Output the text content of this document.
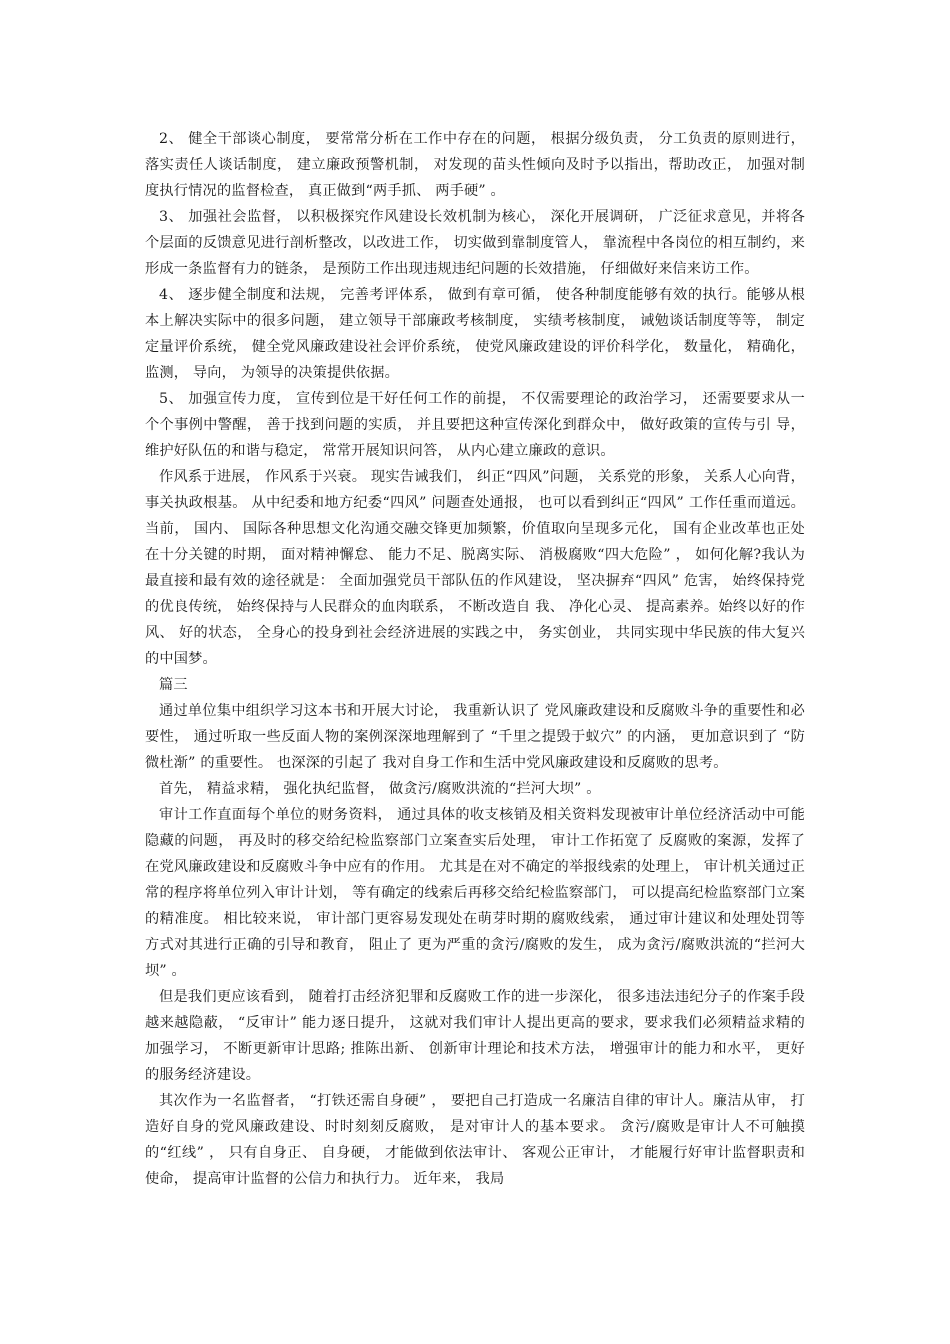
2、 健全干部谈心制度， 要常常分析在工作中存在的问题， 根据分级负责， 分工负责的原则进行， 落实责任人谈话制度， 建立廉政预警机制， 对发现的苗头性倾向及时予以指出，帮助改正， 加强对制度执行情况的监督检查， 真正做到“两手抓、 两手硬” 。

3、 加强社会监督， 以积极探究作风建设长效机制为核心， 深化开展调研， 广泛征求意见，并将各个层面的反馈意见进行剖析整改，以改进工作， 切实做到靠制度管人， 靠流程中各岗位的相互制约，来形成一条监督有力的链条， 是预防工作出现违规违纪问题的长效措施， 仔细做好来信来访工作。

4、 逐步健全制度和法规， 完善考评体系， 做到有章可循， 使各种制度能够有效的执行。能够从根本上解决实际中的很多问题， 建立领导干部廉政考核制度， 实绩考核制度， 诫勉谈话制度等等， 制定定量评价系统， 健全党风廉政建设社会评价系统， 使党风廉政建设的评价科学化， 数量化， 精确化， 监测， 导向， 为领导的决策提供依据。

5、 加强宣传力度， 宣传到位是干好任何工作的前提， 不仅需要理论的政治学习， 还需要要求从一个个事例中警醒， 善于找到问题的实质， 并且要把这种宣传深化到群众中， 做好政策的宣传与引 导，维护好队伍的和谐与稳定， 常常开展知识问答， 从内心建立廉政的意识。

作风系于进展， 作风系于兴衰。 现实告诫我们， 纠正“四风”问题， 关系党的形象， 关系人心向背， 事关执政根基。 从中纪委和地方纪委“四风” 问题查处通报， 也可以看到纠正“四风” 工作任重而道远。 当前， 国内、 国际各种思想文化沟通交融交锋更加频繁，价值取向呈现多元化， 国有企业改革也正处在十分关键的时期， 面对精神懈怠、 能力不足、脱离实际、 消极腐败“四大危险” ， 如何化解?我认为最直接和最有效的途径就是： 全面加强党员干部队伍的作风建设， 坚决摒弃“四风” 危害， 始终保持党的优良传统， 始终保持与人民群众的血肉联系， 不断改造自 我、 净化心灵、 提高素养。始终以好的作风、 好的状态， 全身心的投身到社会经济进展的实践之中， 务实创业， 共同实现中华民族的伟大复兴的中国梦。

篇三

通过单位集中组织学习这本书和开展大讨论， 我重新认识了 党风廉政建设和反腐败斗争的重要性和必要性， 通过听取一些反面人物的案例深深地理解到了 “千里之提毁于蚁穴” 的内涵， 更加意识到了 “防微杜渐” 的重要性。 也深深的引起了 我对自身工作和生活中党风廉政建设和反腐败的思考。

首先， 精益求精， 强化执纪监督， 做贪污/腐败洪流的“拦河大坝” 。

审计工作直面每个单位的财务资料， 通过具体的收支核销及相关资料发现被审计单位经济活动中可能隐藏的问题， 再及时的移交给纪检监察部门立案查实后处理， 审计工作拓宽了 反腐败的案源，发挥了 在党风廉政建设和反腐败斗争中应有的作用。 尤其是在对不确定的举报线索的处理上， 审计机关通过正常的程序将单位列入审计计划， 等有确定的线索后再移交给纪检监察部门， 可以提高纪检监察部门立案的精准度。 相比较来说， 审计部门更容易发现处在萌芽时期的腐败线索， 通过审计建议和处理处罚等方式对其进行正确的引导和教育， 阻止了 更为严重的贪污/腐败的发生， 成为贪污/腐败洪流的“拦河大坝” 。

但是我们更应该看到， 随着打击经济犯罪和反腐败工作的进一步深化， 很多违法违纪分子的作案手段越来越隐蔽， “反审计” 能力逐日提升， 这就对我们审计人提出更高的要求，要求我们必须精益求精的加强学习， 不断更新审计思路; 推陈出新、 创新审计理论和技术方法， 增强审计的能力和水平， 更好的服务经济建设。

其次作为一名监督者， “打铁还需自身硬” ， 要把自己打造成一名廉洁自律的审计人。廉洁从审， 打造好自身的党风廉政建设、时时刻刻反腐败， 是对审计人的基本要求。 贪污/腐败是审计人不可触摸的“红线” ， 只有自身正、 自身硬， 才能做到依法审计、 客观公正审计， 才能履行好审计监督职责和使命， 提高审计监督的公信力和执行力。 近年来， 我局
